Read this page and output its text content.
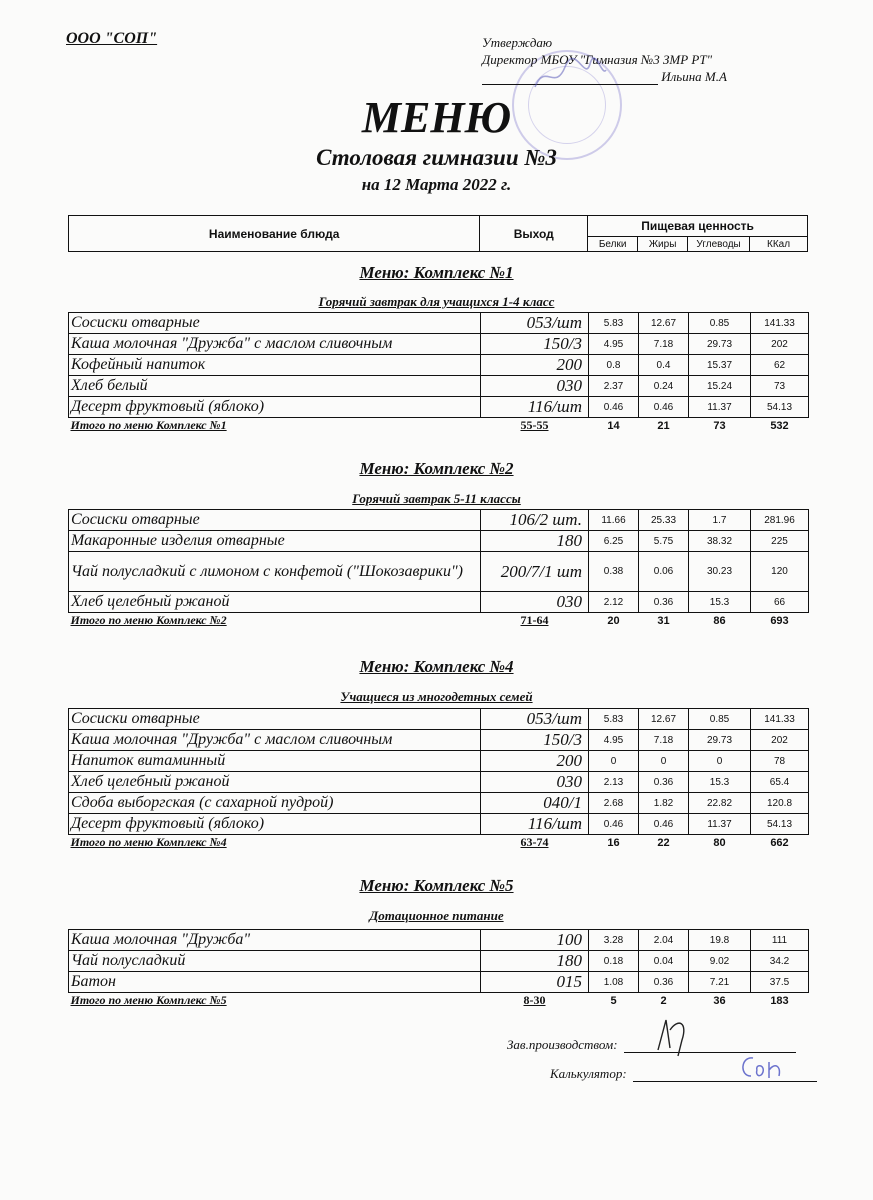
ООО "СОП"	Утверждаю
Директор МБОУ "Гимназия №3 ЗМР РТ"
Ильина М.А
МЕНЮ
Столовая гимназии №3
на 12 Марта 2022 г.
Наименование блюда	Выход	Пищевая ценность			
		Белки	Жиры	Углеводы	ККал
Меню: Комплекс №1
Горячий завтрак для учащихся 1-4 класс
Сосиски отварные	053/шт	5.83	12.67	0.85	141.33
Каша молочная "Дружба" с маслом сливочным	150/3	4.95	7.18	29.73	202
Кофейный напиток	200	0.8	0.4	15.37	62
Хлеб белый	030	2.37	0.24	15.24	73
Десерт фруктовый (яблоко)	116/шт	0.46	0.46	11.37	54.13
Итого по меню Комплекс №1	55-55	14	21	73	532
Меню: Комплекс №2
Горячий завтрак 5-11 классы
Сосиски отварные	106/2 шт.	11.66	25.33	1.7	281.96
Макаронные изделия отварные	180	6.25	5.75	38.32	225
Чай полусладкий с лимоном с конфетой ("Шокозаврики")	200/7/1 шт	0.38	0.06	30.23	120
Хлеб целебный ржаной	030	2.12	0.36	15.3	66
Итого по меню Комплекс №2	71-64	20	31	86	693
Меню: Комплекс №4
Учащиеся из многодетных семей
Сосиски отварные	053/шт	5.83	12.67	0.85	141.33
Каша молочная "Дружба" с маслом сливочным	150/3	4.95	7.18	29.73	202
Напиток витаминный	200	0	0	0	78
Хлеб целебный ржаной	030	2.13	0.36	15.3	65.4
Сдоба выборгская (с сахарной пудрой)	040/1	2.68	1.82	22.82	120.8
Десерт фруктовый (яблоко)	116/шт	0.46	0.46	11.37	54.13
Итого по меню Комплекс №4	63-74	16	22	80	662
Меню: Комплекс №5
Дотационное питание
Каша молочная "Дружба"	100	3.28	2.04	19.8	111
Чай полусладкий	180	0.18	0.04	9.02	34.2
Батон	015	1.08	0.36	7.21	37.5
Итого по меню Комплекс №5	8-30	5	2	36	183
Зав.производством:
Калькулятор:
